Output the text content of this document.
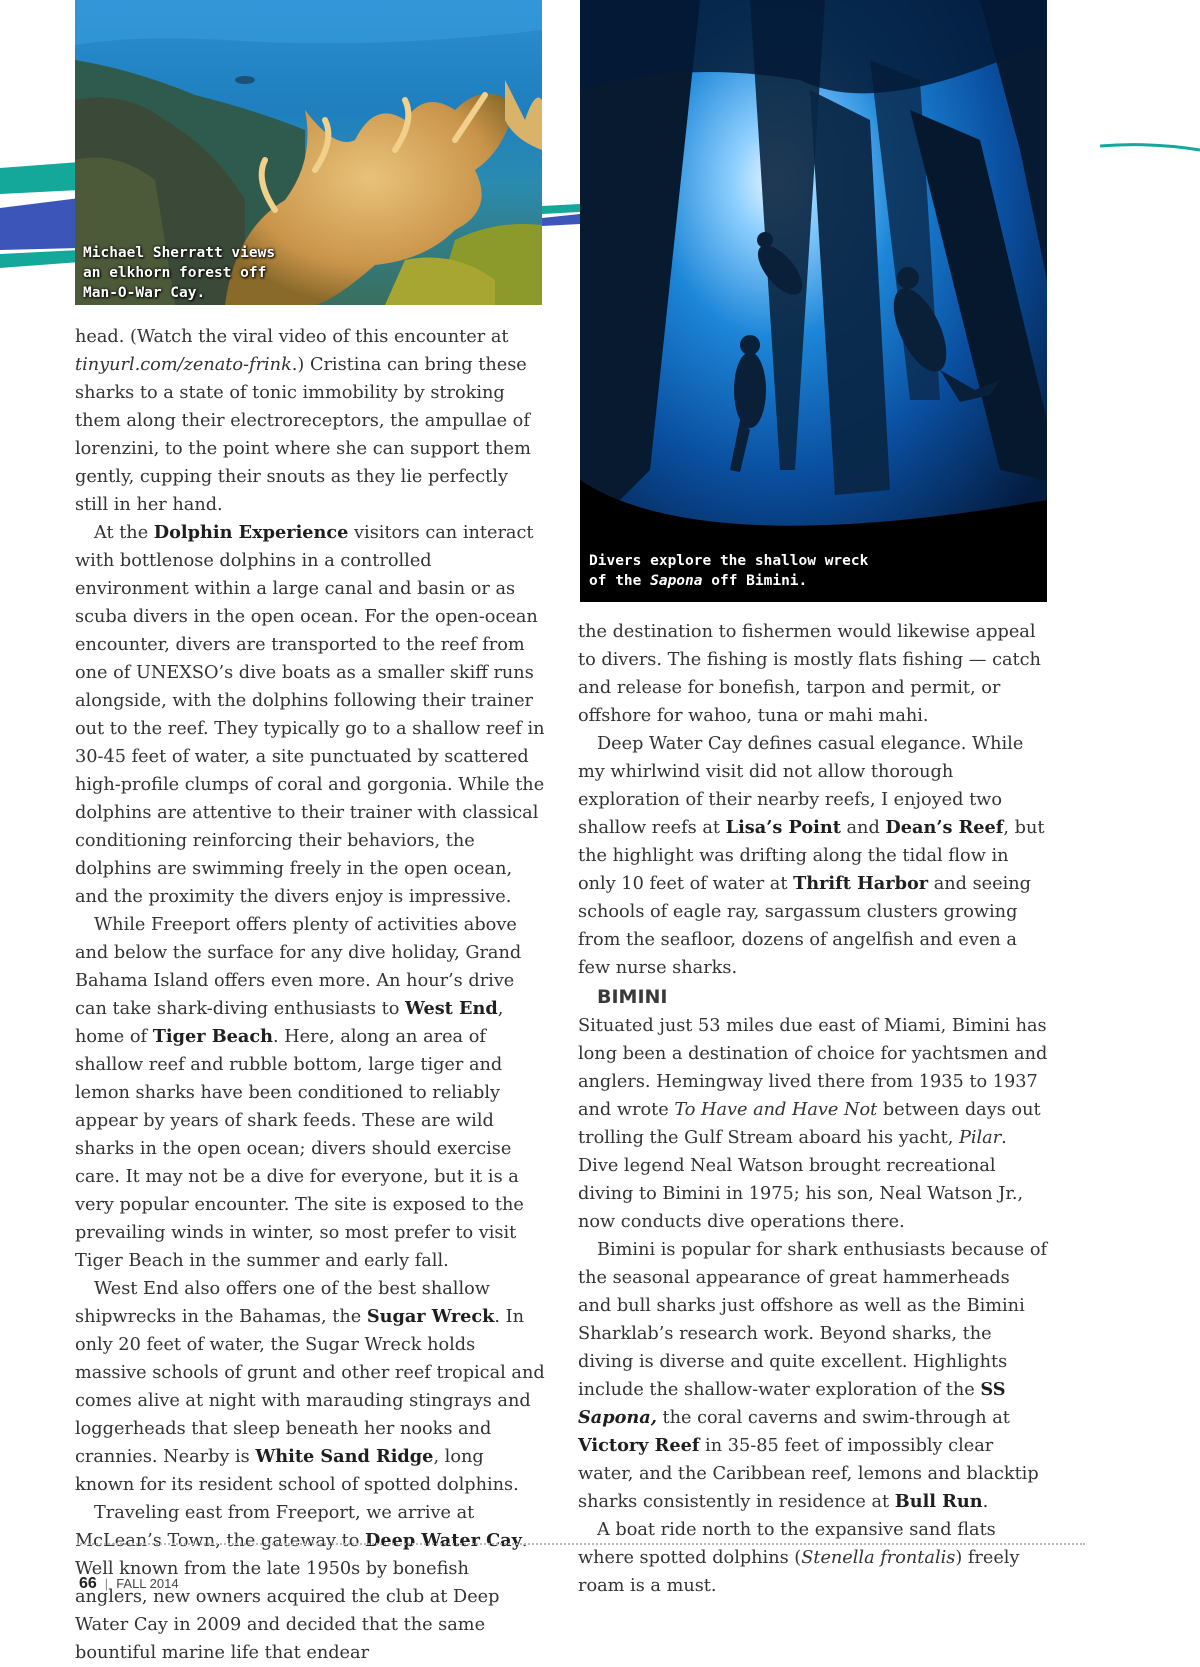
Michael Sherratt views
an elkhorn forest off
Man-O-War Cay.
Divers explore the shallow wreck
of the Sapona off Bimini.

head. (Watch the viral video of this encounter at tinyurl.com/zenato-frink.) Cristina can bring these sharks to a state of tonic immobility by stroking them along their electroreceptors, the ampullae of lorenzini, to the point where she can support them gently, cupping their snouts as they lie perfectly still in her hand.

At the Dolphin Experience visitors can interact with bottlenose dolphins in a controlled environment within a large canal and basin or as scuba divers in the open ocean. For the open-ocean encounter, divers are transported to the reef from one of UNEXSO’s dive boats as a smaller skiff runs alongside, with the dolphins following their trainer out to the reef. They typically go to a shallow reef in 30-45 feet of water, a site punctuated by scattered high-profile clumps of coral and gorgonia. While the dolphins are attentive to their trainer with classical conditioning reinforcing their behaviors, the dolphins are swimming freely in the open ocean, and the proximity the divers enjoy is impressive.

While Freeport offers plenty of activities above and below the surface for any dive holiday, Grand Bahama Island offers even more. An hour’s drive can take shark-diving enthusiasts to West End, home of Tiger Beach. Here, along an area of shallow reef and rubble bottom, large tiger and lemon sharks have been conditioned to reliably appear by years of shark feeds. These are wild sharks in the open ocean; divers should exercise care. It may not be a dive for everyone, but it is a very popular encounter. The site is exposed to the prevailing winds in winter, so most prefer to visit Tiger Beach in the summer and early fall.

West End also offers one of the best shallow shipwrecks in the Bahamas, the Sugar Wreck. In only 20 feet of water, the Sugar Wreck holds massive schools of grunt and other reef tropical and comes alive at night with marauding stingrays and loggerheads that sleep beneath her nooks and crannies. Nearby is White Sand Ridge, long known for its resident school of spotted dolphins.

Traveling east from Freeport, we arrive at McLean’s Town, the gateway to Deep Water Cay. Well known from the late 1950s by bonefish anglers, new owners acquired the club at Deep Water Cay in 2009 and decided that the same bountiful marine life that endear

the destination to fishermen would likewise appeal to divers. The fishing is mostly flats fishing — catch and release for bonefish, tarpon and permit, or offshore for wahoo, tuna or mahi mahi.

Deep Water Cay defines casual elegance. While my whirlwind visit did not allow thorough exploration of their nearby reefs, I enjoyed two shallow reefs at Lisa’s Point and Dean’s Reef, but the highlight was drifting along the tidal flow in only 10 feet of water at Thrift Harbor and seeing schools of eagle ray, sargassum clusters growing from the seafloor, dozens of angelfish and even a few nurse sharks.

BIMINI

Situated just 53 miles due east of Miami, Bimini has long been a destination of choice for yachtsmen and anglers. Hemingway lived there from 1935 to 1937 and wrote To Have and Have Not between days out trolling the Gulf Stream aboard his yacht, Pilar. Dive legend Neal Watson brought recreational diving to Bimini in 1975; his son, Neal Watson Jr., now conducts dive operations there.

Bimini is popular for shark enthusiasts because of the seasonal appearance of great hammerheads and bull sharks just offshore as well as the Bimini Sharklab’s research work. Beyond sharks, the diving is diverse and quite excellent. Highlights include the shallow-water exploration of the SS Sapona, the coral caverns and swim-through at Victory Reef in 35-85 feet of impossibly clear water, and the Caribbean reef, lemons and blacktip sharks consistently in residence at Bull Run.

A boat ride north to the expansive sand flats where spotted dolphins (Stenella frontalis) freely roam is a must.

66 | FALL 2014
